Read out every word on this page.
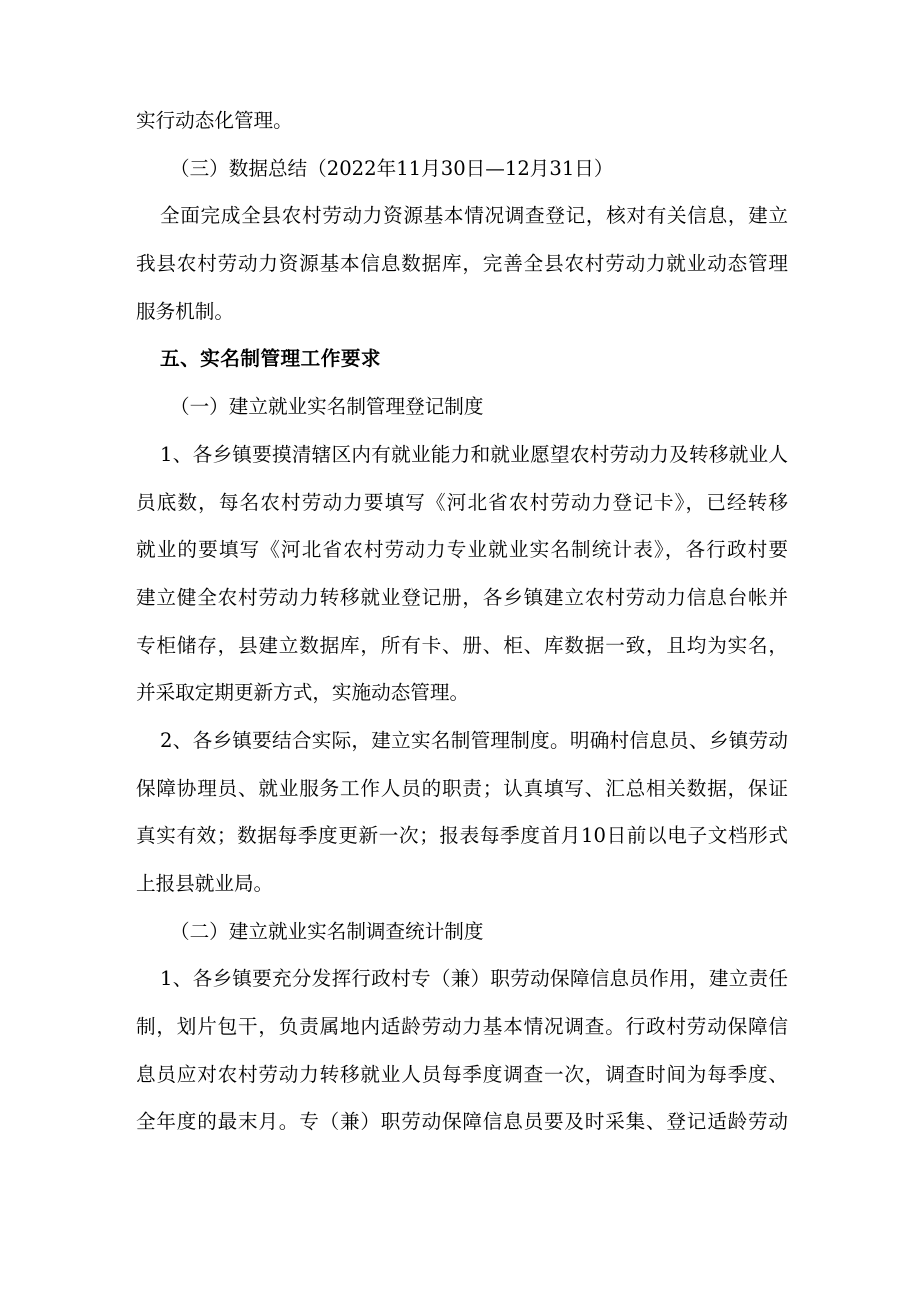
实行动态化管理。
（三）数据总结（2022年11月30日—12月31日）
全面完成全县农村劳动力资源基本情况调查登记，核对有关信息，建立
我县农村劳动力资源基本信息数据库，完善全县农村劳动力就业动态管理
服务机制。
五、实名制管理工作要求
（一）建立就业实名制管理登记制度
1、各乡镇要摸清辖区内有就业能力和就业愿望农村劳动力及转移就业人
员底数，每名农村劳动力要填写《河北省农村劳动力登记卡》，已经转移
就业的要填写《河北省农村劳动力专业就业实名制统计表》，各行政村要
建立健全农村劳动力转移就业登记册，各乡镇建立农村劳动力信息台帐并
专柜储存，县建立数据库，所有卡、册、柜、库数据一致，且均为实名，
并采取定期更新方式，实施动态管理。
2、各乡镇要结合实际，建立实名制管理制度。明确村信息员、乡镇劳动
保障协理员、就业服务工作人员的职责；认真填写、汇总相关数据，保证
真实有效；数据每季度更新一次；报表每季度首月10日前以电子文档形式
上报县就业局。
（二）建立就业实名制调查统计制度
1、各乡镇要充分发挥行政村专（兼）职劳动保障信息员作用，建立责任
制，划片包干，负责属地内适龄劳动力基本情况调查。行政村劳动保障信
息员应对农村劳动力转移就业人员每季度调查一次，调查时间为每季度、
全年度的最末月。专（兼）职劳动保障信息员要及时采集、登记适龄劳动
